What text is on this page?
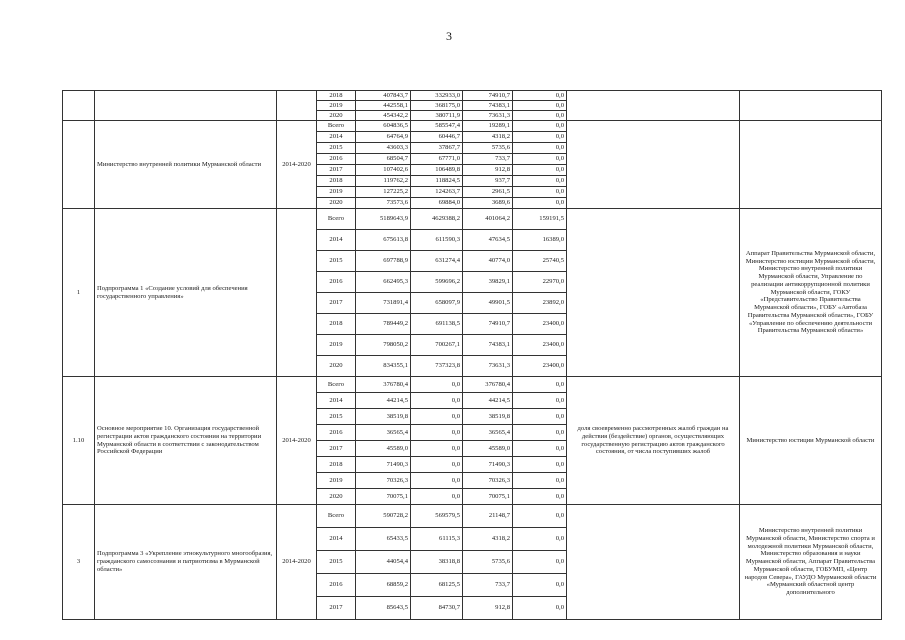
3
			2018	407843,7	332933,0	74910,7	0,0		
			2019	442558,1	368175,0	74383,1	0,0		
			2020	454342,2	380711,9	73631,3	0,0		
	Министерство внутренней политики Мурманской области	2014-2020	Всего	604836,5	585547,4	19289,1	0,0		
			2014	64764,9	60446,7	4318,2	0,0		
			2015	43603,3	37867,7	5735,6	0,0		
			2016	68504,7	67771,0	733,7	0,0		
			2017	107402,6	106489,8	912,8	0,0		
			2018	119762,2	118824,5	937,7	0,0		
			2019	127225,2	124263,7	2961,5	0,0		
			2020	73573,6	69884,0	3689,6	0,0		
1	Подпрограмма 1 «Создание условий для обеспечения государственного управления»		Всего	5189643,9	4629388,2	401064,2	159191,5		Аппарат Правительства Мурманской области, Министерство юстиции Мурманской области, Министерство внутренней политики Мурманской области, Управление по реализации антикоррупционной политики Мурманской области, ГОКУ «Представительство Правительства Мурманской области», ГОБУ «Автобаза Правительства Мурманской области», ГОБУ «Управление по обеспечению деятельности Правительства Мурманской области»
			2014	675613,8	611590,3	47634,5	16389,0		
			2015	697788,9	631274,4	40774,0	25740,5		
			2016	662495,3	599696,2	39829,1	22970,0		
			2017	731891,4	658097,9	49901,5	23892,0		
			2018	789449,2	691138,5	74910,7	23400,0		
			2019	798050,2	700267,1	74383,1	23400,0		
			2020	834355,1	737323,8	73631,3	23400,0		
1.10	Основное мероприятие 10. Организация государственной регистрации актов гражданского состояния на территории Мурманской области в соответствии с законодательством Российской Федерации	2014-2020	Всего	376780,4	0,0	376780,4	0,0	доля своевременно рассмотренных жалоб граждан на действия (бездействие) органов, осуществляющих государственную регистрацию актов гражданского состояния, от числа поступивших жалоб	Министерство юстиции Мурманской области
			2014	44214,5	0,0	44214,5	0,0		
			2015	38519,8	0,0	38519,8	0,0		
			2016	36565,4	0,0	36565,4	0,0		
			2017	45589,0	0,0	45589,0	0,0		
			2018	71490,3	0,0	71490,3	0,0		
			2019	70326,3	0,0	70326,3	0,0		
			2020	70075,1	0,0	70075,1	0,0		
3	Подпрограмма 3 «Укрепление этнокультурного многообразия, гражданского самосознания и патриотизма в Мурманской области»	2014-2020	Всего	590728,2	569579,5	21148,7	0,0		Министерство внутренней политики Мурманской области, Министерство спорта и молодежной политики Мурманской области, Министерство образования и науки Мурманской области, Аппарат Правительства Мурманской области, ГОБУМП, «Центр народов Севера», ГАУДО Мурманской области «Мурманский областной центр дополнительного
			2014	65433,5	61115,3	4318,2	0,0		
			2015	44054,4	38318,8	5735,6	0,0		
			2016	68859,2	68125,5	733,7	0,0		
			2017	85643,5	84730,7	912,8	0,0		
